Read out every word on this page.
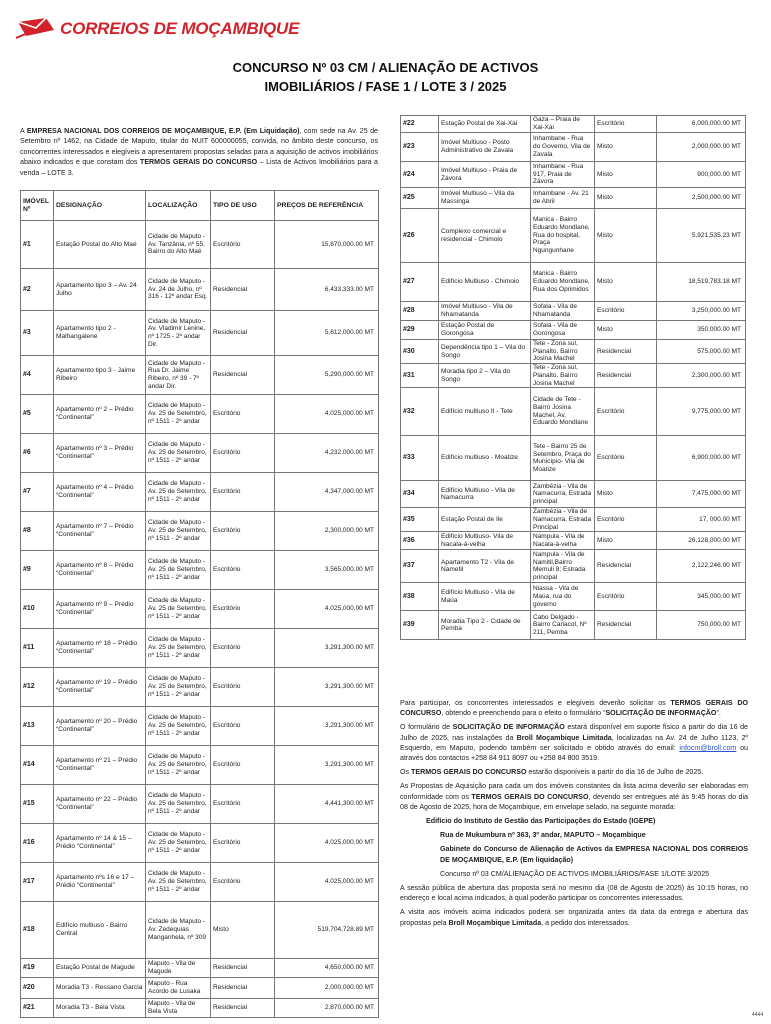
CORREIOS DE MOÇAMBIQUE
CONCURSO Nº 03 CM / ALIENAÇÃO DE ACTIVOS
IMOBILIÁRIOS / FASE 1 / LOTE 3 / 2025
A EMPRESA NACIONAL DOS CORREIOS DE MOÇAMBIQUE, E.P. (Em Liquidação), com sede na Av. 25 de Setembro nº 1462, na Cidade de Maputo, titular do NUIT 600000055, convida, no âmbito deste concurso, os concorrentes interessados e elegíveis a apresentarem propostas seladas para a aquisição de activos imobiliários abaixo indicados e que constam dos TERMOS GERAIS DO CONCURSO – Lista de Activos Imobiliários para a venda – LOTE 3.
IMÓVEL Nº	DESIGNAÇÃO	LOCALIZAÇÃO	TIPO DE USO	PREÇOS DE REFERÊNCIA
#1	Estação Postal do Alto Maé	Cidade de Maputo - Av. Tanzânia, nº 55, Bairro do Alto Maé	Escritório	15,870,000.00 MT
#2	Apartamento tipo 3 – Av. 24 Julho	Cidade de Maputo - Av. 24 de Julho, nº 316 - 12º andar Esq.	Residencial	6,433,333.00 MT
#3	Apartamento tipo 2 - Malhangalene	Cidade de Maputo - Av. Vladimir Lenine, nº 1725 - 2º andar Dir.	Residencial	5,612,000.00 MT
#4	Apartamento tipo 3 - Jaime Ribeiro	Cidade de Maputo - Rua Dr. Jaime Ribeiro, nº 39 - 7º andar Dir.	Residencial	5,290,000.00 MT
#5	Apartamento nº 2 – Prédio “Continental”	Cidade de Maputo - Av. 25 de Setembro, nº 1511 - 2º andar	Escritório	4,025,000.00 MT
#6	Apartamento nº 3 – Prédio “Continental”	Cidade de Maputo - Av. 25 de Setembro, nº 1511 - 2º andar	Escritório	4,232,000.00 MT
#7	Apartamento nº 4 – Prédio “Continental”	Cidade de Maputo - Av. 25 de Setembro, nº 1511 - 2º andar	Escritório	4,347,000.00 MT
#8	Apartamento nº 7 – Prédio “Continental”	Cidade de Maputo - Av. 25 de Setembro, nº 1511 - 2º andar	Escritório	2,300,000.00 MT
#9	Apartamento nº 8 – Prédio “Continental”	Cidade de Maputo - Av. 25 de Setembro, nº 1511 - 2º andar	Escritório	3,565,000.00 MT
#10	Apartamento nº 9 – Prédio “Continental”	Cidade de Maputo - Av. 25 de Setembro, nº 1511 - 2º andar	Escritório	4,025,000.00 MT
#11	Apartamento nº 18 – Prédio “Continental”	Cidade de Maputo - Av. 25 de Setembro, nº 1511 - 2º andar	Escritório	3,291,300.00 MT
#12	Apartamento nº 19 – Prédio “Continental”	Cidade de Maputo - Av. 25 de Setembro, nº 1511 - 2º andar	Escritório	3,291,300.00 MT
#13	Apartamento nº 20 – Prédio “Continental”	Cidade de Maputo - Av. 25 de Setembro, nº 1511 - 2º andar	Escritório	3,291,300.00 MT
#14	Apartamento nº 21 – Prédio “Continental”	Cidade de Maputo - Av. 25 de Setembro, nº 1511 - 2º andar	Escritório	3,291,300.00 MT
#15	Apartamento nº 22 – Prédio “Continental”	Cidade de Maputo - Av. 25 de Setembro, nº 1511 - 2º andar	Escritório	4,441,300.00 MT
#16	Apartamento nº 14 & 15 – Prédio “Continental”	Cidade de Maputo - Av. 25 de Setembro, nº 1511 - 2º andar	Escritório	4,025,000.00 MT
#17	Apartamento nºs 16 e 17 – Prédio “Continental”	Cidade de Maputo - Av. 25 de Setembro, nº 1511 - 2º andar	Escritório	4,025,000.00 MT
#18	Edifício multiuso - Bairro Central	Cidade de Maputo - Av. Zedequias Manganhela, nº 309	Misto	519,704,728.89 MT
#19	Estação Postal de Magude	Maputo - Vila de Magude	Residencial	4,650,000.00 MT
#20	Moradia T3 - Ressano Garcia	Maputo - Rua Acordo de Lusaka	Residencial	2,000,000.00 MT
#21	Moradia T3 - Bela Vista	Maputo - Vila de Bela Vista	Residencial	2,870,000.00 MT
#22	Estação Postal de Xai-Xai	Gaza – Praia de Xai-Xai	Escritório	6,000,000.00 MT
#23	Imóvel Multiuso - Posto Administrativo de Zavala	Inhambane - Rua do Governo, Vila de Zavala	Misto	2,000,000.00 MT
#24	Imóvel Multiuso - Praia de Závora	Inhambane - Rua 917, Praia de Závora	Misto	900,000.00 MT
#25	Imóvel Multiuso – Vila da Massinga	Inhambane - Av. 21 de Abril	Misto	2,500,000.00 MT
#26	Complexo comercial e residencial - Chimoio	Manica - Bairro Eduardo Mondlane, Rua do hospital, Praça Ngungunhane	Misto	5,921,535.23 MT
#27	Edifício Multiuso - Chimoio	Manica - Bairro Eduardo Mondlane, Rua dos Oprimidos	Misto	18,519,783.18 MT
#28	Imóvel Multiuso - Vila de Nhamatanda	Sofala - Vila de Nhamatanda	Escritório	3,250,000.00 MT
#29	Estação Postal de Gorongosa	Sofala - Vila de Gorongosa	Misto	350,000.00 MT
#30	Dependência tipo 1 – Vila do Songo	Tete - Zona sul, Planalto, Bairro Josina Machel	Residencial	575,000.00 MT
#31	Moradia tipo 2 – Vila do Songo	Tete - Zona sul, Planalto, Bairro Josina Machel	Residencial	2,300,000.00 MT
#32	Edifício multiuso II - Tete	Cidade de Tete - Bairro Josina Machel, Av. Eduardo Mondlane	Escritório	9,775,000.00 MT
#33	Edifício multiuso - Moatize	Tete - Bairro 25 de Setembro, Praça do Município- Vila de Moatize	Escritório	6,900,000.00 MT
#34	Edifício Multiuso - Vila de Namacurra	Zambézia - Vila de Namacurra, Estrada principal	Misto	7,475,000.00 MT
#35	Estação Postal de Ile	Zambézia - Vila de Namacurra, Estrada Principal	Escritório	17, 000.00 MT
#36	Edifício Multiuso- Vila de Nacala-à-velha	Nampula - Vila de Nacala-à-velha	Misto	26,128,000.00 MT
#37	Apartamento T2 - Vila de Nametil	Nampula - Vila de Namitil,Bairro Memuli 8; Estrada principal	Residencial	2,122,246.00 MT
#38	Edifício Multiuso - Vila de Maúa	Niassa - Vila de Maúa, rua do governo	Escritório	345,000.00 MT
#39	Moradia Tipo 2 - Cidade de Pemba	Cabo Delgado - Bairro Cariacol, Nº 211, Pemba	Residencial	750,000.00 MT

Para participar, os concorrentes interessados e elegíveis deverão solicitar os TERMOS GERAIS DO CONCURSO, obtendo e preenchendo para o efeito o formulário “SOLICITAÇÃO DE INFORMAÇÃO”.

O formulário de SOLICITAÇÃO DE INFORMAÇÃO estará disponível em suporte físico a partir do dia 16 de Julho de 2025, nas instalações da Broll Moçambique Limitada, localizadas na Av. 24 de Julho 1123, 2º Esquerdo, em Maputo, podendo também ser solicitado e obtido através do email: infocm@broll.com ou através dos contactos +258 84 911 8097 ou +258 84 800 3519.

Os TERMOS GERAIS DO CONCURSO estarão disponíveis a partir do dia 16 de Julho de 2025.

As Propostas de Aquisição para cada um dos imóveis constantes da lista acima deverão ser elaboradas em conformidade com os TERMOS GERAIS DO CONCURSO, devendo ser entregues até às 9:45 horas do dia 08 de Agosto de 2025, hora de Moçambique, em envelope selado, na seguinte morada:

Edifício do Instituto de Gestão das Participações do Estado (IGEPE)

Rua de Mukumbura nº 363, 3º andar, MAPUTO – Moçambique

Gabinete do Concurso de Alienação de Activos da EMPRESA NACIONAL DOS CORREIOS DE MOÇAMBIQUE, E.P. (Em liquidação)

Concurso nº 03 CM/ALIENAÇÃO DE ACTIVOS IMOBILIÁRIOS/FASE 1/LOTE 3/2025

A sessão pública de abertura das proposta será no mesmo dia (08 de Agosto de 2025) às 10:15 horas, no endereço e local acima indicados, à qual poderão participar os concorrentes interessados.

A visita aos imóveis acima indicados poderá ser organizada antes da data da entrega e abertura das propostas pela Broll Moçambique Limitada, a pedido dos interessados.

4444
